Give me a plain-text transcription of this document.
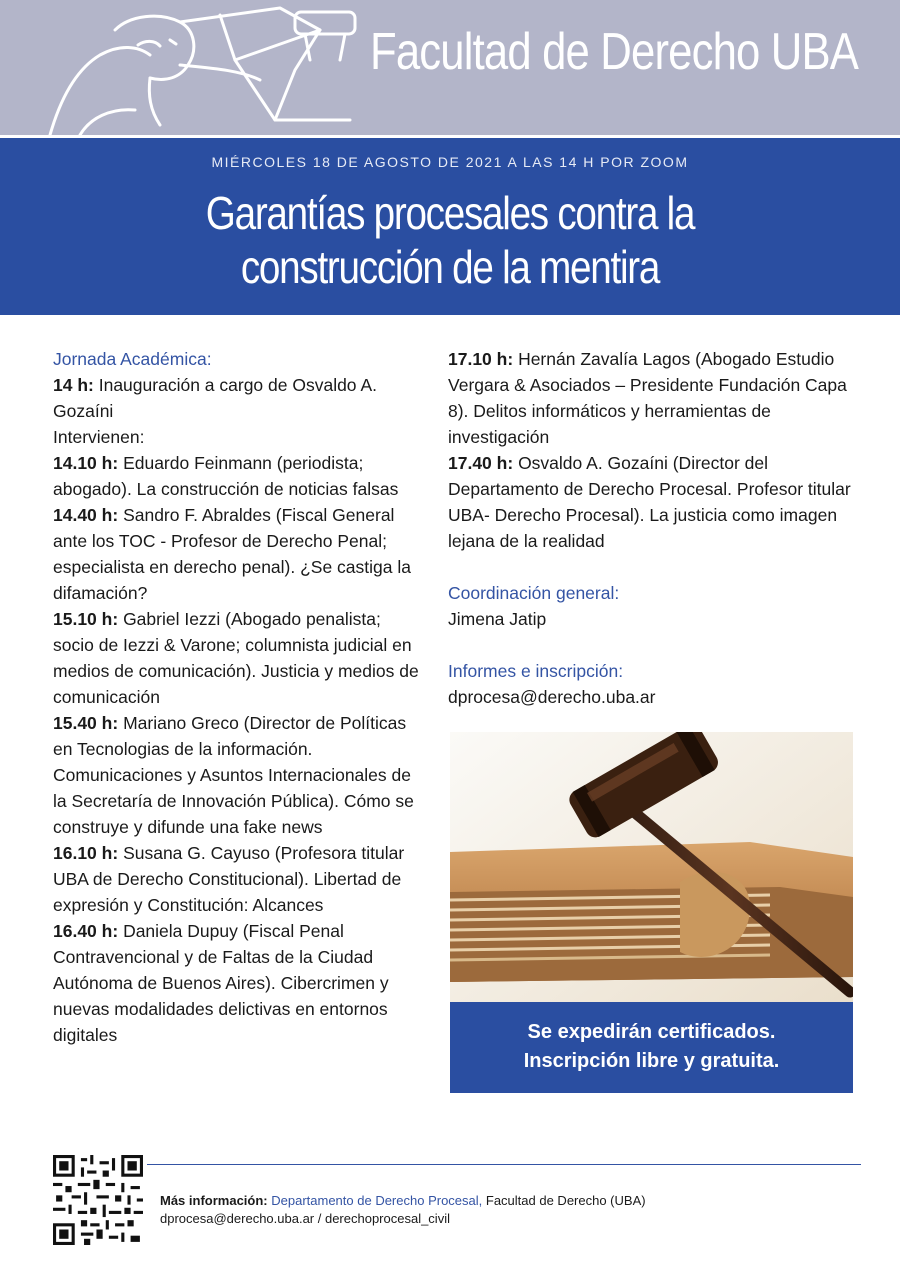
Facultad de Derecho UBA
MIÉRCOLES 18 DE AGOSTO DE 2021 A LAS 14 H POR ZOOM
Garantías procesales contra la
construcción de la mentira
Jornada Académica:
14 h: Inauguración a cargo de Osvaldo A. Gozaíni
Intervienen:
14.10 h: Eduardo Feinmann (periodista; abogado). La construcción de noticias falsas
14.40 h: Sandro F. Abraldes (Fiscal General ante los TOC - Profesor de Derecho Penal; especialista en derecho penal). ¿Se castiga la difamación?
15.10 h: Gabriel Iezzi (Abogado penalista; socio de Iezzi & Varone; columnista judicial en medios de comunicación). Justicia y medios de comunicación
15.40 h: Mariano Greco (Director de Políticas en Tecnologias de la información. Comunicaciones y Asuntos Internacionales de la Secretaría de Innovación Pública). Cómo se construye y difunde una fake news
16.10 h: Susana G. Cayuso (Profesora titular UBA de Derecho Constitucional). Libertad de expresión y Constitución: Alcances
16.40 h: Daniela Dupuy (Fiscal Penal Contravencional y de Faltas de la Ciudad Autónoma de Buenos Aires). Cibercrimen y nuevas modalidades delictivas en entornos digitales
17.10 h: Hernán Zavalía Lagos (Abogado Estudio Vergara & Asociados – Presidente Fundación Capa 8). Delitos informáticos y herramientas de investigación
17.40 h: Osvaldo A. Gozaíni (Director del Departamento de Derecho Procesal. Profesor titular UBA- Derecho Procesal). La justicia como imagen lejana de la realidad
Coordinación general:
Jimena Jatip
Informes e inscripción:
dprocesa@derecho.uba.ar
Se expedirán certificados.
Inscripción libre y gratuita.
Más información: Departamento de Derecho Procesal, Facultad de Derecho (UBA)
dprocesa@derecho.uba.ar / derechoprocesal_civil
